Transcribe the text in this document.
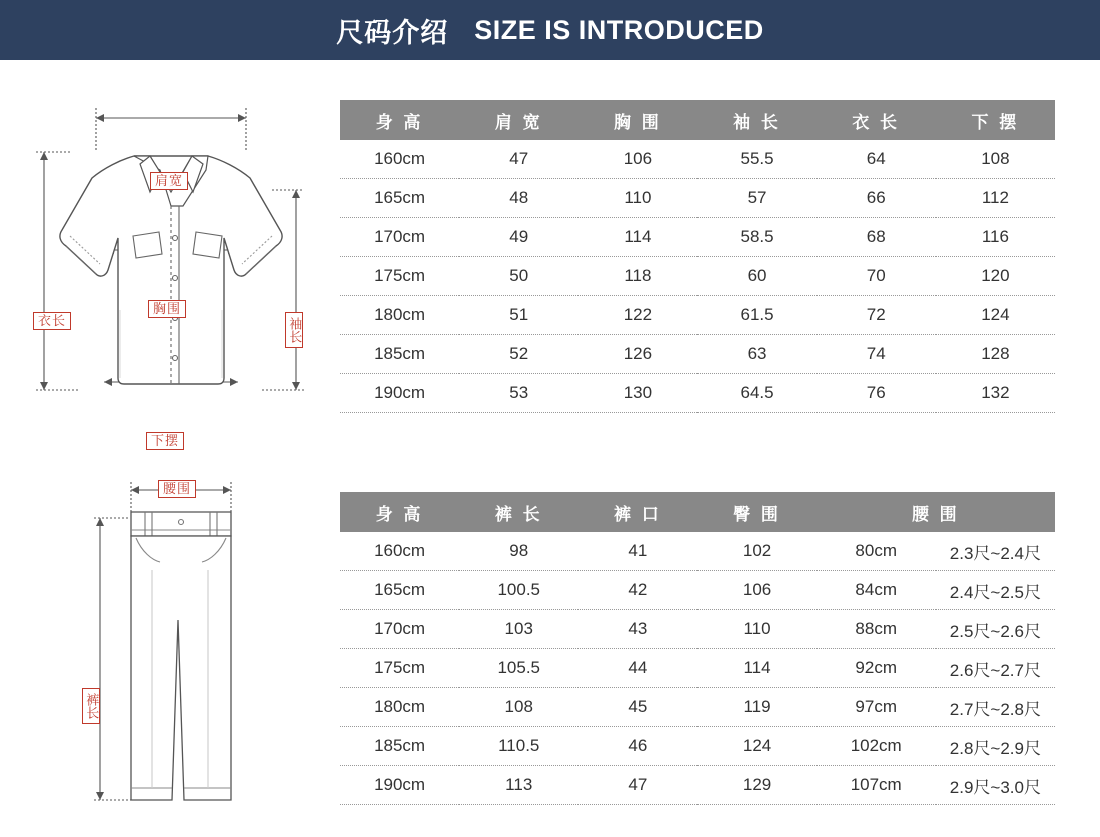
尺码介绍 SIZE IS INTRODUCED
肩宽
胸围
衣长	袖长
下摆
身 高	肩 宽	胸 围	袖 长	衣 长	下 摆
160cm	47	106	55.5	64	108
165cm	48	110	57	66	112
170cm	49	114	58.5	68	116
175cm	50	118	60	70	120
180cm	51	122	61.5	72	124
185cm	52	126	63	74	128
190cm	53	130	64.5	76	132
腰围
裤长
身 高	裤 长	裤 口	臀 围	腰 围	
160cm	98	41	102	80cm	2.3尺~2.4尺
165cm	100.5	42	106	84cm	2.4尺~2.5尺
170cm	103	43	110	88cm	2.5尺~2.6尺
175cm	105.5	44	114	92cm	2.6尺~2.7尺
180cm	108	45	119	97cm	2.7尺~2.8尺
185cm	110.5	46	124	102cm	2.8尺~2.9尺
190cm	113	47	129	107cm	2.9尺~3.0尺
